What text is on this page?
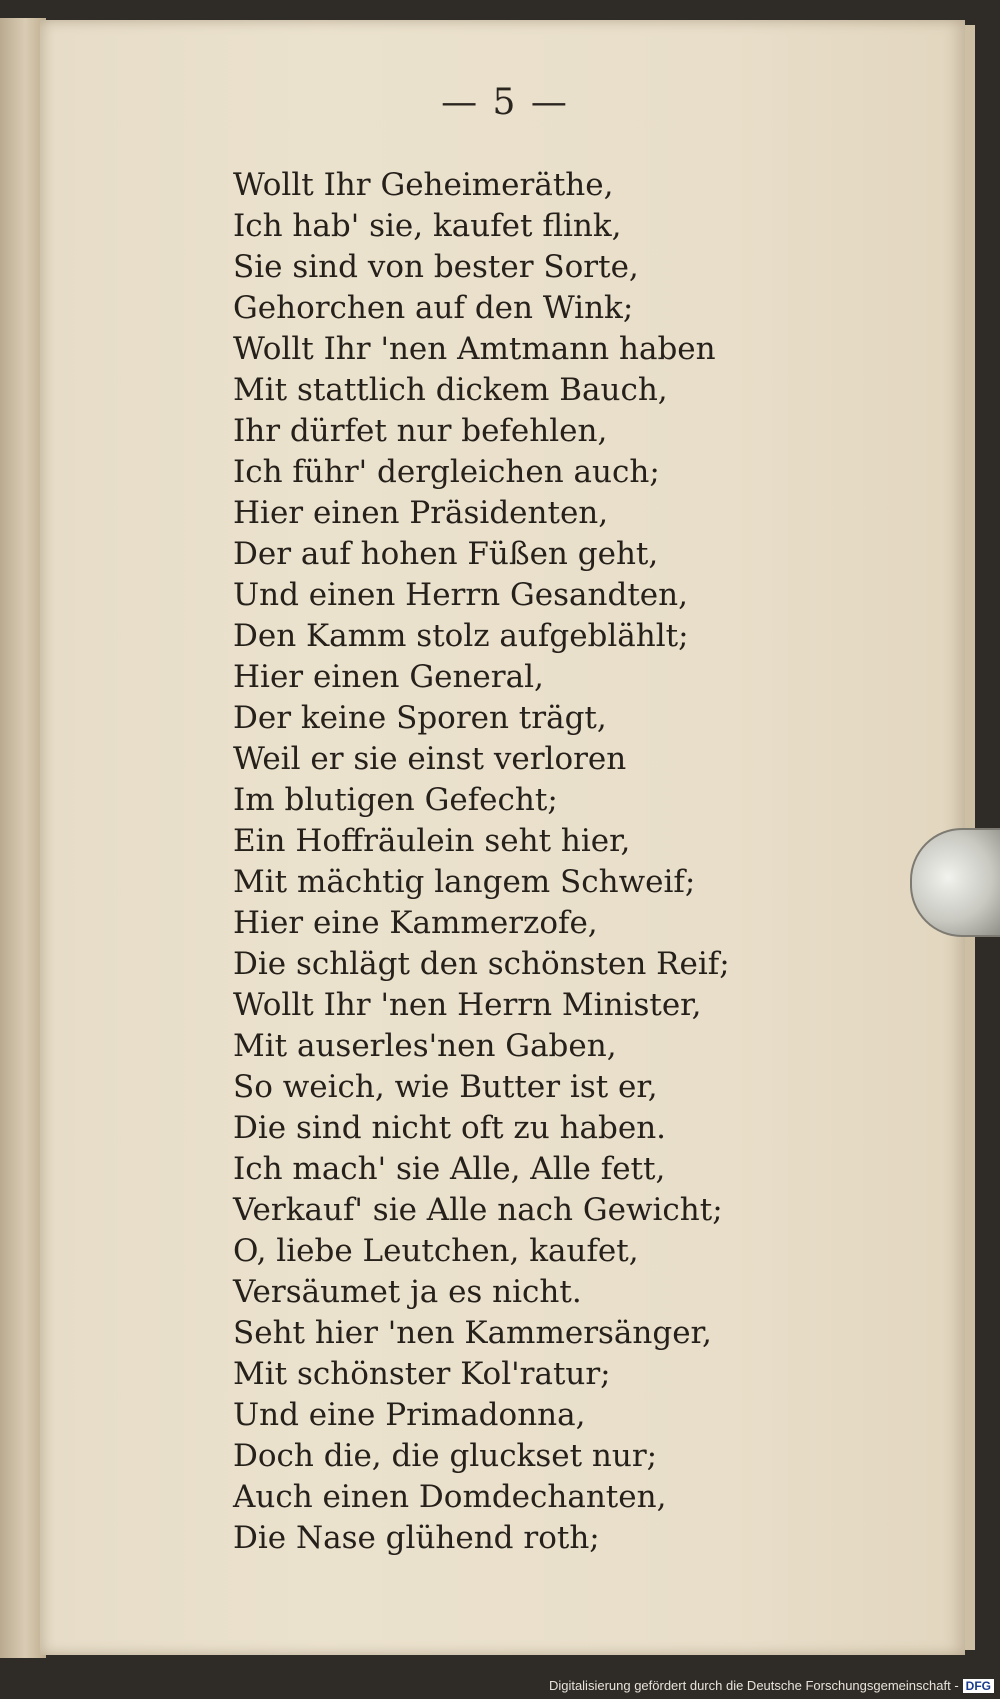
— 5 —
Wollt Ihr Geheimeräthe,
Ich hab' sie, kaufet flink,
Sie sind von bester Sorte,
Gehorchen auf den Wink;
Wollt Ihr 'nen Amtmann haben
Mit stattlich dickem Bauch,
Ihr dürfet nur befehlen,
Ich führ' dergleichen auch;
Hier einen Präsidenten,
Der auf hohen Füßen geht,
Und einen Herrn Gesandten,
Den Kamm stolz aufgeblählt;
Hier einen General,
Der keine Sporen trägt,
Weil er sie einst verloren
Im blutigen Gefecht;
Ein Hoffräulein seht hier,
Mit mächtig langem Schweif;
Hier eine Kammerzofe,
Die schlägt den schönsten Reif;
Wollt Ihr 'nen Herrn Minister,
Mit auserles'nen Gaben,
So weich, wie Butter ist er,
Die sind nicht oft zu haben.
Ich mach' sie Alle, Alle fett,
Verkauf' sie Alle nach Gewicht;
O, liebe Leutchen, kaufet,
Versäumet ja es nicht.
Seht hier 'nen Kammersänger,
Mit schönster Kol'ratur;
Und eine Primadonna,
Doch die, die gluckset nur;
Auch einen Domdechanten,
Die Nase glühend roth;
Digitalisierung gefördert durch die Deutsche Forschungsgemeinschaft - DFG
